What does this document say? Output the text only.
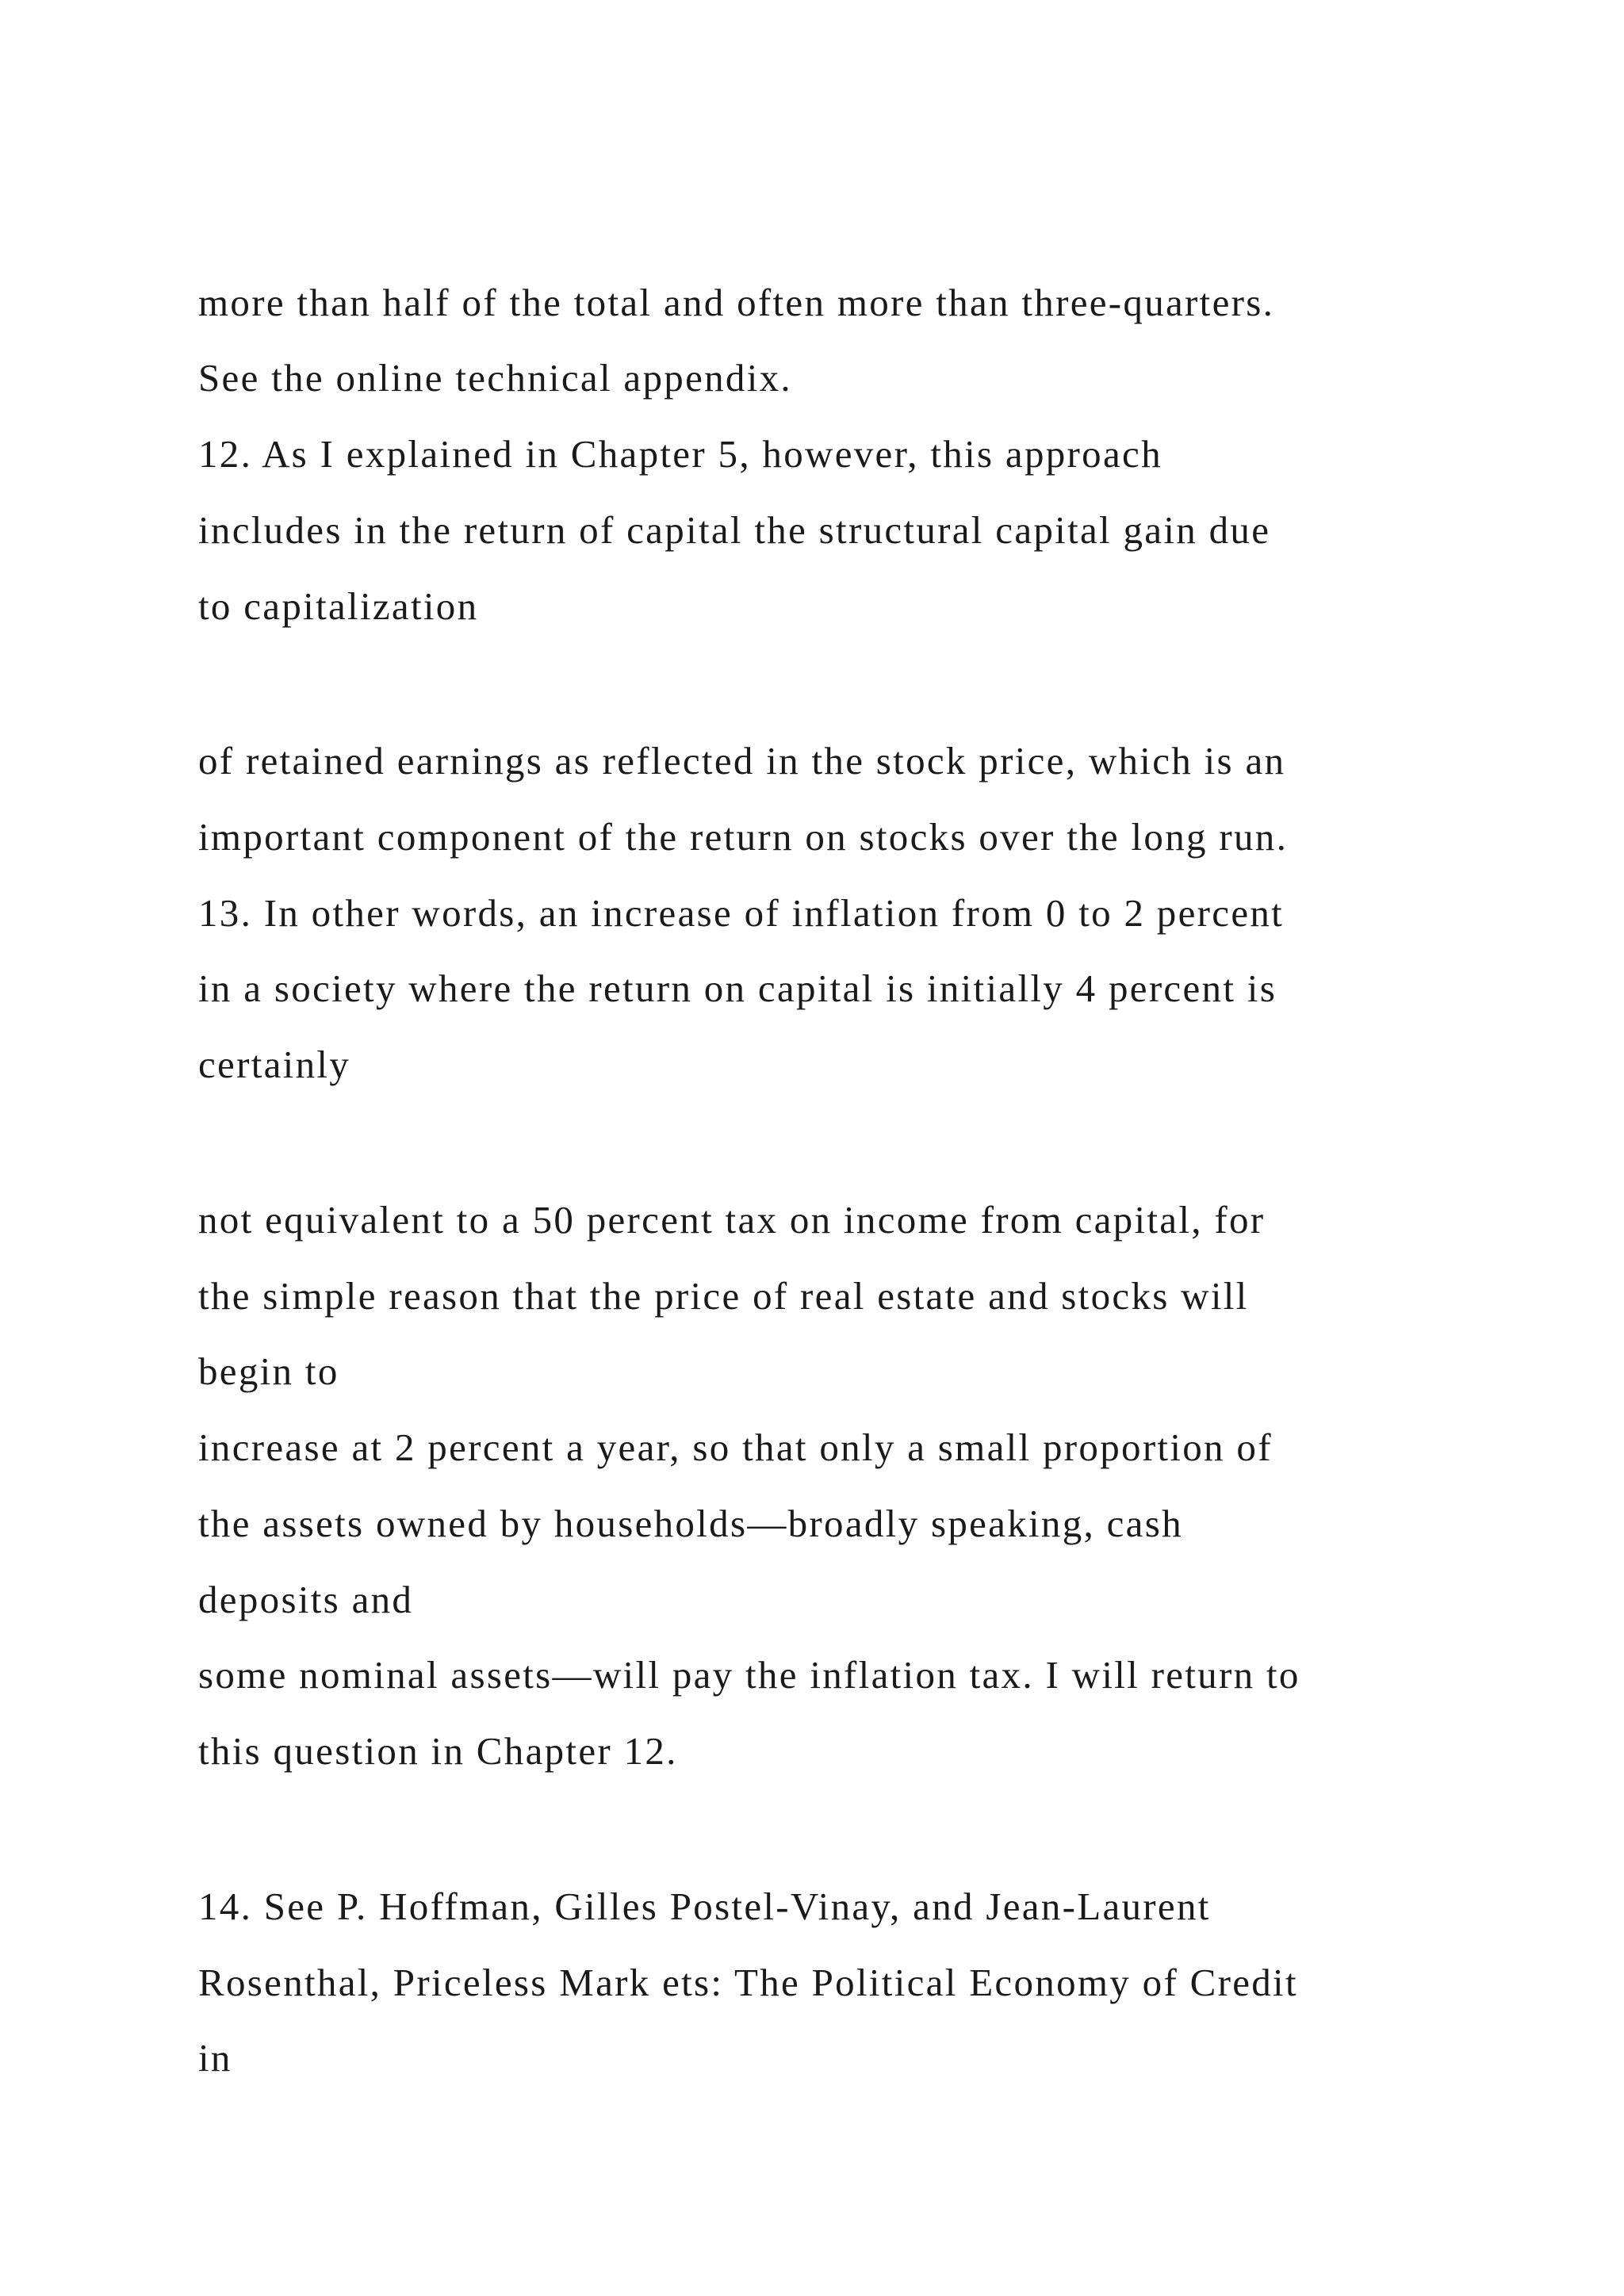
more than half of the total and often more than three-quarters.
See the online technical appendix.
12. As I explained in Chapter 5, however, this approach
includes in the return of capital the structural capital gain due
to capitalization
of retained earnings as reflected in the stock price, which is an
important component of the return on stocks over the long run.
13. In other words, an increase of inflation from 0 to 2 percent
in a society where the return on capital is initially 4 percent is
certainly
not equivalent to a 50 percent tax on income from capital, for
the simple reason that the price of real estate and stocks will
begin to
increase at 2 percent a year, so that only a small proportion of
the assets owned by households—broadly speaking, cash
deposits and
some nominal assets—will pay the inflation tax. I will return to
this question in Chapter 12.
14. See P. Hoffman, Gilles Postel-Vinay, and Jean-Laurent
Rosenthal, Priceless Mark ets: The Political Economy of Credit
in
